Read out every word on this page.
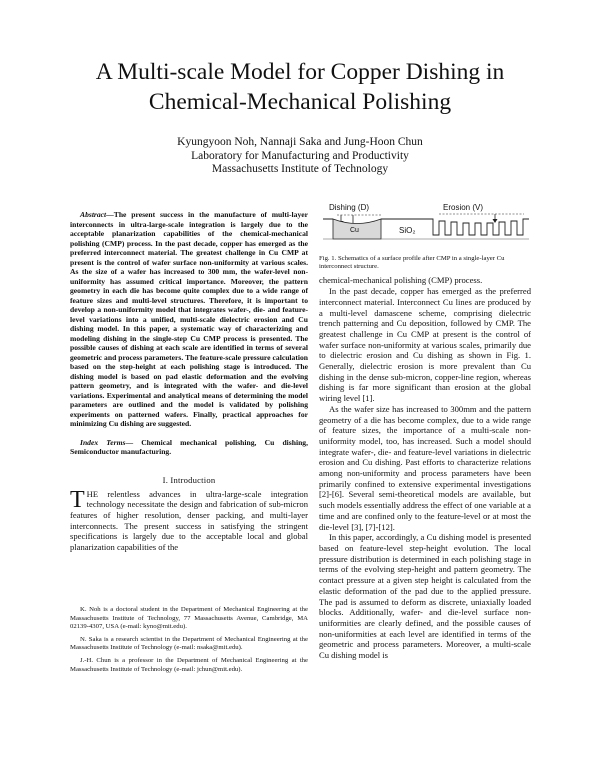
A Multi-scale Model for Copper Dishing in
Chemical-Mechanical Polishing
Kyungyoon Noh, Nannaji Saka and Jung-Hoon Chun
Laboratory for Manufacturing and Productivity
Massachusetts Institute of Technology

Abstract—The present success in the manufacture of multi-layer interconnects in ultra-large-scale integration is largely due to the acceptable planarization capabilities of the chemical-mechanical polishing (CMP) process. In the past decade, copper has emerged as the preferred interconnect material. The greatest challenge in Cu CMP at present is the control of wafer surface non-uniformity at various scales. As the size of a wafer has increased to 300 mm, the wafer-level non-uniformity has assumed critical importance. Moreover, the pattern geometry in each die has become quite complex due to a wide range of feature sizes and multi-level structures. Therefore, it is important to develop a non-uniformity model that integrates wafer-, die- and feature-level variations into a unified, multi-scale dielectric erosion and Cu dishing model. In this paper, a systematic way of characterizing and modeling dishing in the single-step Cu CMP process is presented. The possible causes of dishing at each scale are identified in terms of several geometric and process parameters. The feature-scale pressure calculation based on the step-height at each polishing stage is introduced. The dishing model is based on pad elastic deformation and the evolving pattern geometry, and is integrated with the wafer- and die-level variations. Experimental and analytical means of determining the model parameters are outlined and the model is validated by polishing experiments on patterned wafers. Finally, practical approaches for minimizing Cu dishing are suggested.

Index Terms— Chemical mechanical polishing, Cu dishing, Semiconductor manufacturing.

I. Introduction

THE relentless advances in ultra-large-scale integration technology necessitate the design and fabrication of sub-micron features of higher resolution, denser packing, and multi-layer interconnects. The present success in satisfying the stringent specifications is largely due to the acceptable local and global planarization capabilities of the

K. Noh is a doctoral student in the Department of Mechanical Engineering at the Massachusetts Institute of Technology, 77 Massachusetts Avenue, Cambridge, MA 02139-4307, USA (e-mail: kyno@mit.edu).

N. Saka is a research scientist in the Department of Mechanical Engineering at the Massachusetts Institute of Technology (e-mail: nsaka@mit.edu).

J.-H. Chun is a professor in the Department of Mechanical Engineering at the Massachusetts Institute of Technology (e-mail: jchun@mit.edu).

Dishing (D)	Erosion (V)
Cu	SiO₂

Fig. 1. Schematics of a surface profile after CMP in a single-layer Cu interconnect structure.

chemical-mechanical polishing (CMP) process.

In the past decade, copper has emerged as the preferred interconnect material. Interconnect Cu lines are produced by a multi-level damascene scheme, comprising dielectric trench patterning and Cu deposition, followed by CMP. The greatest challenge in Cu CMP at present is the control of wafer surface non-uniformity at various scales, primarily due to dielectric erosion and Cu dishing as shown in Fig. 1. Generally, dielectric erosion is more prevalent than Cu dishing in the dense sub-micron, copper-line region, whereas dishing is far more significant than erosion at the global wiring level [1].

As the wafer size has increased to 300mm and the pattern geometry of a die has become complex, due to a wide range of feature sizes, the importance of a multi-scale non-uniformity model, too, has increased. Such a model should integrate wafer-, die- and feature-level variations in dielectric erosion and Cu dishing. Past efforts to characterize relations among non-uniformity and process parameters have been primarily confined to extensive experimental investigations [2]-[6]. Several semi-theoretical models are available, but such models essentially address the effect of one variable at a time and are confined only to the feature-level or at most the die-level [3], [7]-[12].

In this paper, accordingly, a Cu dishing model is presented based on feature-level step-height evolution. The local pressure distribution is determined in each polishing stage in terms of the evolving step-height and pattern geometry. The contact pressure at a given step height is calculated from the elastic deformation of the pad due to the applied pressure. The pad is assumed to deform as discrete, uniaxially loaded blocks. Additionally, wafer- and die-level surface non-uniformities are clearly defined, and the possible causes of non-uniformities at each level are identified in terms of the geometric and process parameters. Moreover, a multi-scale Cu dishing model is
